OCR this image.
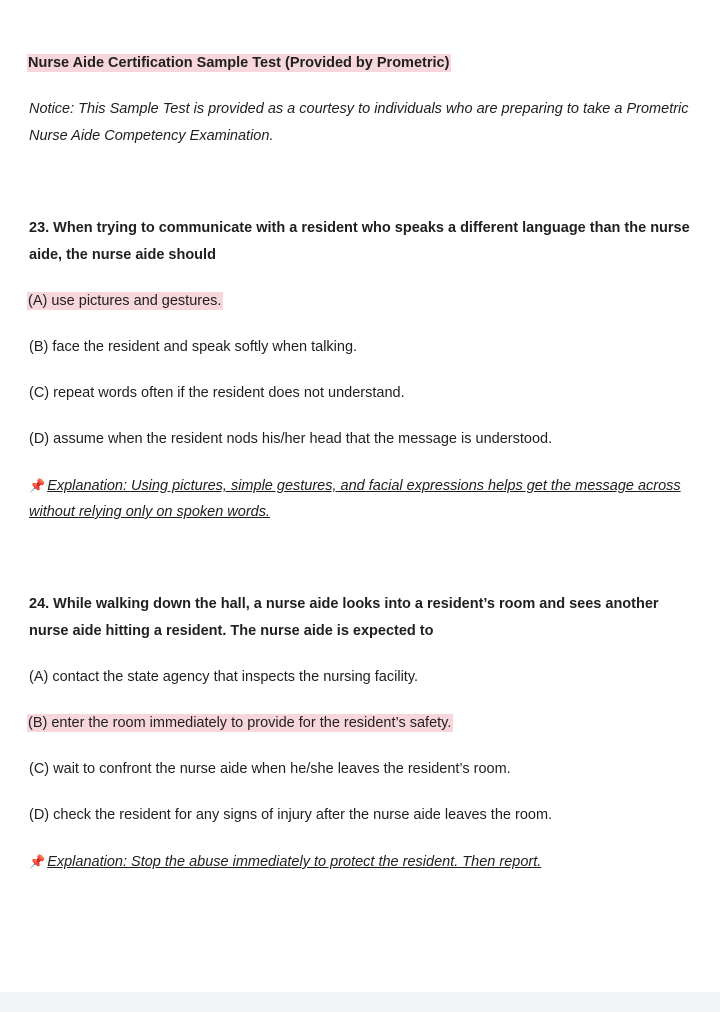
Nurse Aide Certification Sample Test (Provided by Prometric)
Notice: This Sample Test is provided as a courtesy to individuals who are preparing to take a Prometric
Nurse Aide Competency Examination.
23. When trying to communicate with a resident who speaks a different language than the nurse
aide, the nurse aide should
(A) use pictures and gestures.
(B) face the resident and speak softly when talking.
(C) repeat words often if the resident does not understand.
(D) assume when the resident nods his/her head that the message is understood.
📌 Explanation: Using pictures, simple gestures, and facial expressions helps get the message across
without relying only on spoken words.
24. While walking down the hall, a nurse aide looks into a resident’s room and sees another
nurse aide hitting a resident. The nurse aide is expected to
(A) contact the state agency that inspects the nursing facility.
(B) enter the room immediately to provide for the resident’s safety.
(C) wait to confront the nurse aide when he/she leaves the resident’s room.
(D) check the resident for any signs of injury after the nurse aide leaves the room.
📌 Explanation: Stop the abuse immediately to protect the resident. Then report.
